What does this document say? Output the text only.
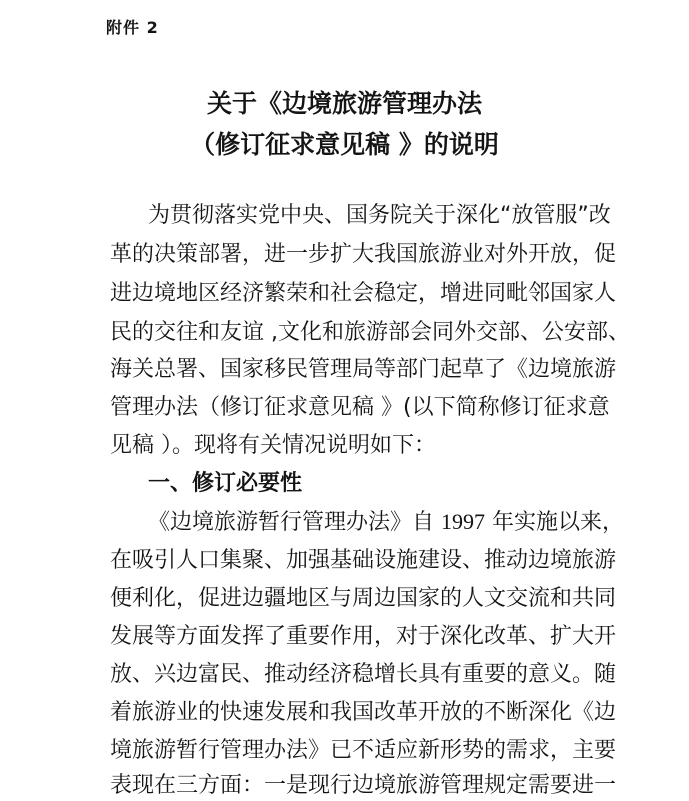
附件 2
关于《边境旅游管理办法
（修订征求意见稿 》的说明
为贯彻落实党中央、国务院关于深化“放管服”改
革的决策部署，进一步扩大我国旅游业对外开放，促
进边境地区经济繁荣和社会稳定，增进同毗邻国家人
民的交往和友谊 ,文化和旅游部会同外交部、公安部、
海关总署、国家移民管理局等部门起草了《边境旅游
管理办法（修订征求意见稿 》(以下简称修订征求意
见稿 ）。现将有关情况说明如下：
一、修订必要性
《边境旅游暂行管理办法》自 1997 年实施以来，
在吸引人口集聚、加强基础设施建设、推动边境旅游
便利化，促进边疆地区与周边国家的人文交流和共同
发展等方面发挥了重要作用，对于深化改革、扩大开
放、兴边富民、推动经济稳增长具有重要的意义。随
着旅游业的快速发展和我国改革开放的不断深化《边
境旅游暂行管理办法》已不适应新形势的需求，主要
表现在三方面：一是现行边境旅游管理规定需要进一
